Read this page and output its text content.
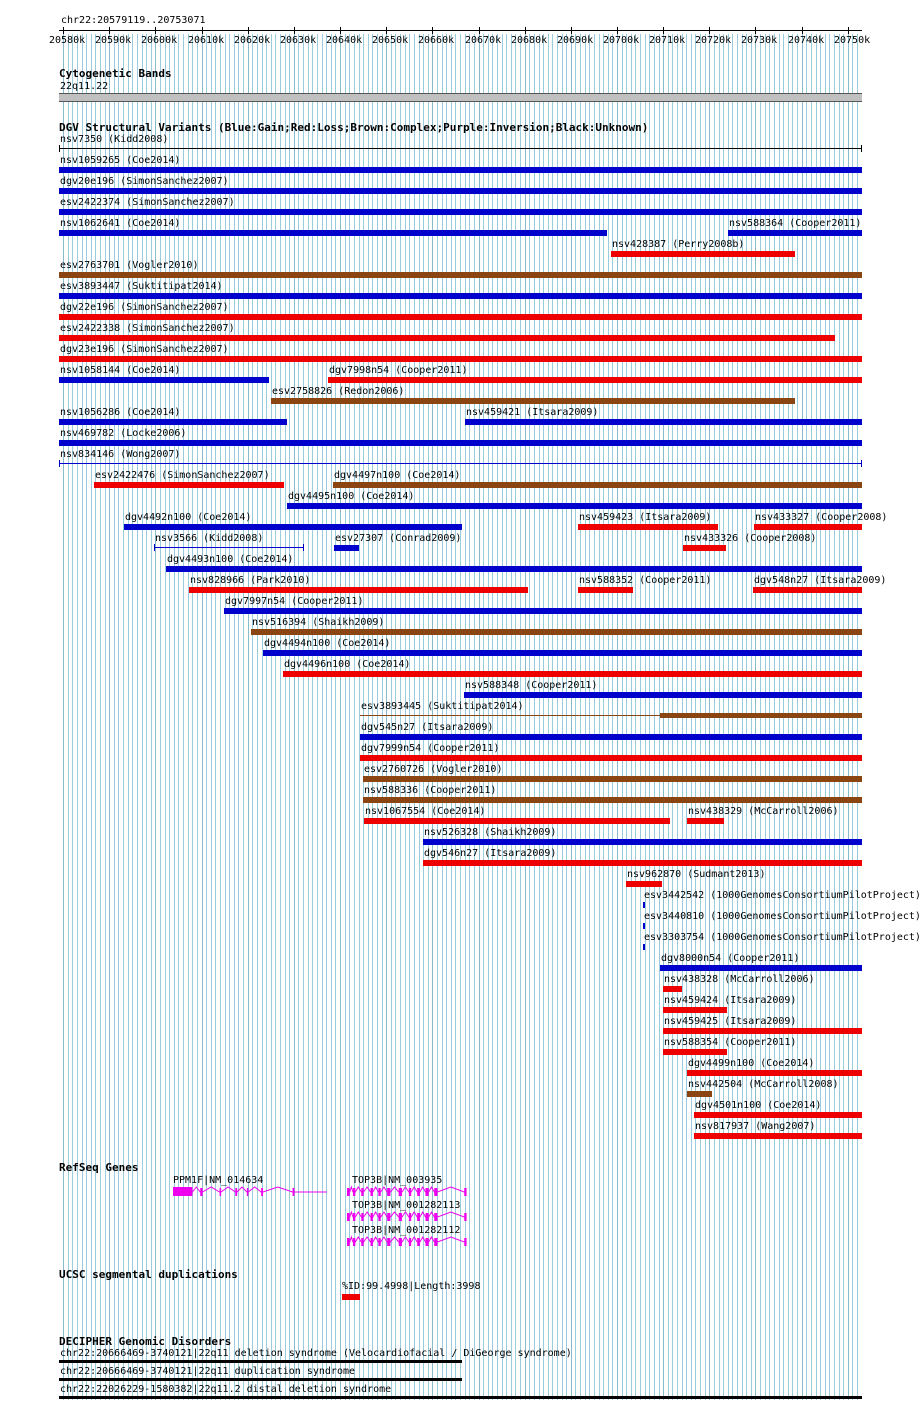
chr22:20579119..20753071
20580k 20590k 20600k 20610k 20620k 20630k 20640k 20650k 20660k 20670k 20680k 20690k 20700k 20710k 20720k 20730k 20740k 20750k
Cytogenetic Bands
22q11.22
DGV Structural Variants (Blue:Gain;Red:Loss;Brown:Complex;Purple:Inversion;Black:Unknown)
nsv7350 (Kidd2008)
nsv1059265 (Coe2014)
dgv20e196 (SimonSanchez2007)
esv2422374 (SimonSanchez2007)
nsv1062641 (Coe2014)
nsv428387 (Perry2008b)
esv2763701 (Vogler2010)
esv3893447 (Suktitipat2014)
dgv22e196 (SimonSanchez2007)
esv2422338 (SimonSanchez2007)
dgv23e196 (SimonSanchez2007)
nsv1058144 (Coe2014)
esv2758826 (Redon2006)
nsv1056286 (Coe2014)
dgv7998n54 (Cooper2011)
nsv469782 (Locke2006)
nsv834146 (Wong2007)
esv2422476 (SimonSanchez2007)
dgv4495n100 (Coe2014)
dgv4492n100 (Coe2014)
nsv459421 (Itsara2009)
nsv3566 (Kidd2008)
dgv4497n100 (Coe2014)
dgv4493n100 (Coe2014)
nsv828966 (Park2010)
nsv459423 (Itsara2009)
nsv588364 (Cooper2011)
dgv7997n54 (Cooper2011)
nsv516394 (Shaikh2009)
dgv4494n100 (Coe2014)
dgv4496n100 (Coe2014)
esv27307 (Conrad2009)
nsv588348 (Cooper2011)
esv3893445 (Suktitipat2014)
dgv545n27 (Itsara2009)
dgv7999n54 (Cooper2011)
esv2760726 (Vogler2010)
nsv588336 (Cooper2011)
nsv1067554 (Coe2014)
nsv433326 (Cooper2008)
nsv526328 (Shaikh2009)
dgv546n27 (Itsara2009)
nsv588352 (Cooper2011)
nsv433327 (Cooper2008)
nsv962870 (Sudmant2013)
esv3442542 (1000GenomesConsortiumPilotProject)
esv3440810 (1000GenomesConsortiumPilotProject)
esv3303754 (1000GenomesConsortiumPilotProject)
dgv8000n54 (Cooper2011)
nsv438328 (McCarroll2006)
nsv459424 (Itsara2009)
nsv459425 (Itsara2009)
nsv588354 (Cooper2011)
nsv438329 (McCarroll2006)
dgv4499n100 (Coe2014)
nsv442504 (McCarroll2008)
dgv4501n100 (Coe2014)
nsv817937 (Wang2007)
dgv548n27 (Itsara2009)
RefSeq Genes
PPM1F|NM_014634	TOP3B|NM_003935
TOP3B|NM_001282113
TOP3B|NM_001282112
UCSC segmental duplications
%ID:99.4998|Length:3998
DECIPHER Genomic Disorders
chr22:20666469-3740121|22q11 deletion syndrome (Velocardiofacial / DiGeorge syndrome)
chr22:20666469-3740121|22q11 duplication syndrome
chr22:22026229-1580382|22q11.2 distal deletion syndrome
